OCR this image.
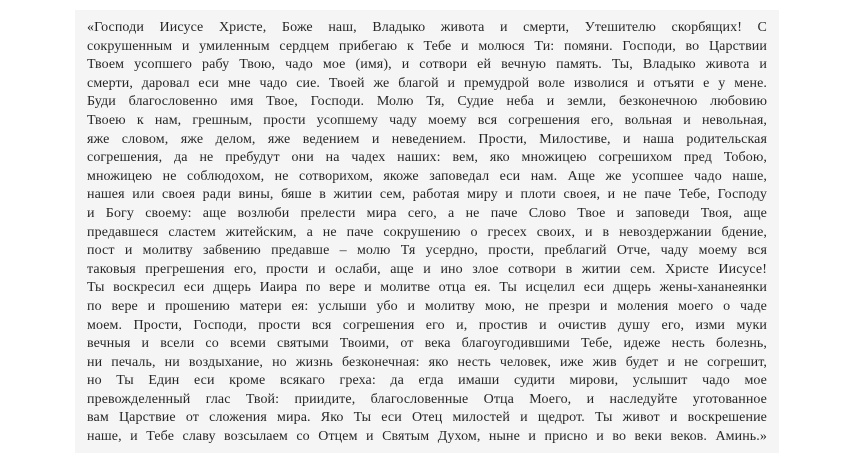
«Господи Иисусе Христе, Боже наш, Владыко живота и смерти, Утешителю скорбящих! С
сокрушенным и умиленным сердцем прибегаю к Тебе и молюся Ти: помяни. Господи, во Царствии
Твоем усопшего рабу Твою, чадо мое (имя), и сотвори ей вечную память. Ты, Владыко живота и
смерти, даровал еси мне чадо сие. Твоей же благой и премудрой воле изволися и отъяти е у мене.
Буди благословенно имя Твое, Господи. Молю Тя, Судие неба и земли, безконечною любовию
Твоею к нам, грешным, прости усопшему чаду моему вся согрешения его, вольная и невольная,
яже словом, яже делом, яже ведением и неведением. Прости, Милостиве, и наша родительская
согрешения, да не пребудут они на чадех наших: вем, яко множицею согрешихом пред Тобою,
множицею не соблюдохом, не сотворихом, якоже заповедал еси нам. Аще же усопшее чадо наше,
нашея или своея ради вины, бяше в житии сем, работая миру и плоти своея, и не паче Тебе, Господу
и Богу своему: аще возлюби прелести мира сего, а не паче Слово Твое и заповеди Твоя, аще
предавшеся сластем житейским, а не паче сокрушению о гресех своих, и в невоздержании бдение,
пост и молитву забвению предавше – молю Тя усердно, прости, преблагий Отче, чаду моему вся
таковыя прегрешения его, прости и ослаби, аще и ино злое сотвори в житии сем. Христе Иисусе!
Ты воскресил еси дщерь Иаира по вере и молитве отца ея. Ты исцелил еси дщерь жены-хананеянки
по вере и прошению матери ея: услыши убо и молитву мою, не презри и моления моего о чаде
моем. Прости, Господи, прости вся согрешения его и, простив и очистив душу его, изми муки
вечныя и всели со всеми святыми Твоими, от века благоугодившими Тебе, идеже несть болезнь,
ни печаль, ни воздыхание, но жизнь безконечная: яко несть человек, иже жив будет и не согрешит,
но Ты Един еси кроме всякаго греха: да егда имаши судити мирови, услышит чадо мое
превожделенный глас Твой: приидите, благословенные Отца Моего, и наследуйте уготованное
вам Царствие от сложения мира. Яко Ты еси Отец милостей и щедрот. Ты живот и воскрешение
наше, и Тебе славу возсылаем со Отцем и Святым Духом, ныне и присно и во веки веков. Аминь.»
